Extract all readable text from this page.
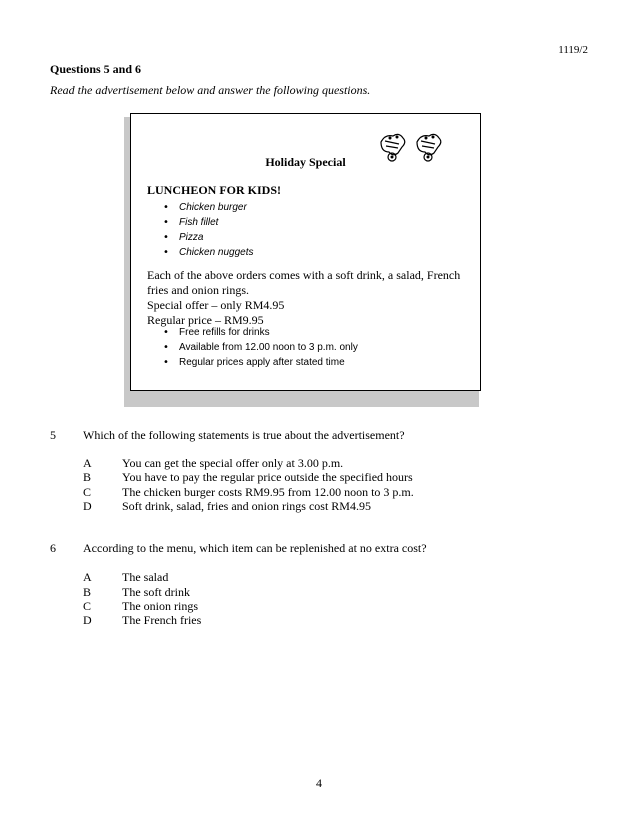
1119/2
Questions 5 and 6
Read the advertisement below and answer the following questions.
Holiday Special
LUNCHEON FOR KIDS!
• Chicken burger
• Fish fillet
• Pizza
• Chicken nuggets
Each of the above orders comes with a soft drink, a salad, French
fries and onion rings.
Special offer – only RM4.95
Regular price – RM9.95
• Free refills for drinks
• Available from 12.00 noon to 3 p.m. only
• Regular prices apply after stated time
5 Which of the following statements is true about the advertisement?
A	You can get the special offer only at 3.00 p.m.
B	You have to pay the regular price outside the specified hours
C	The chicken burger costs RM9.95 from 12.00 noon to 3 p.m.
D	Soft drink, salad, fries and onion rings cost RM4.95
6 According to the menu, which item can be replenished at no extra cost?
A	The salad
B	The soft drink
C	The onion rings
D	The French fries
4
